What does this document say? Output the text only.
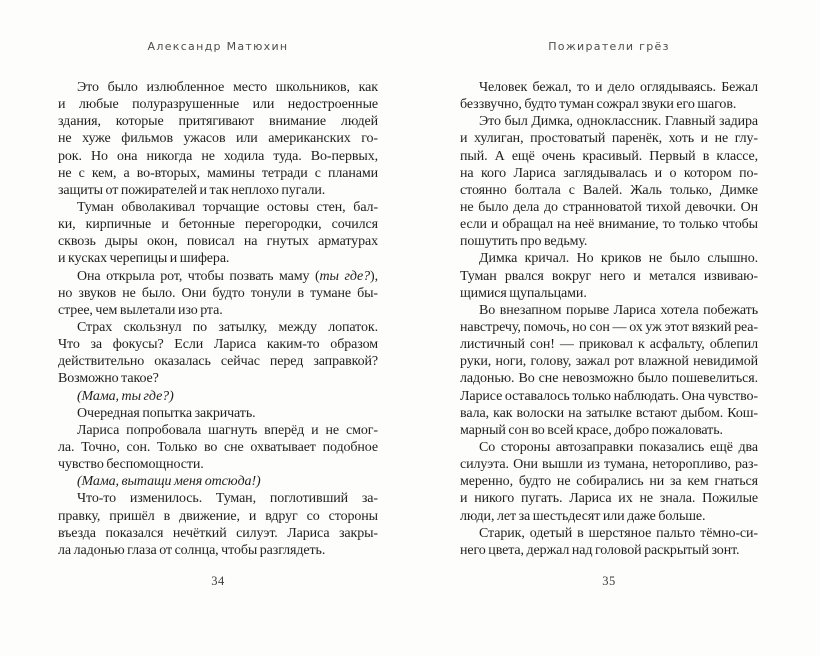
Александр Матюхин
Это было излюбленное место школьников, как
и любые полуразрушенные или недостроенные
здания, которые притягивают внимание людей
не хуже фильмов ужасов или американских го-
рок. Но она никогда не ходила туда. Во-первых,
не с кем, а во-вторых, мамины тетради с планами
защиты от пожирателей и так неплохо пугали.
Туман обволакивал торчащие остовы стен, бал-
ки, кирпичные и бетонные перегородки, сочился
сквозь дыры окон, повисал на гнутых арматурах
и кусках черепицы и шифера.
Она открыла рот, чтобы позвать маму (ты где?),
но звуков не было. Они будто тонули в тумане бы-
стрее, чем вылетали изо рта.
Страх скользнул по затылку, между лопаток.
Что за фокусы? Если Лариса каким-то образом
действительно оказалась сейчас перед заправкой?
Возможно такое?
(Мама, ты где?)
Очередная попытка закричать.
Лариса попробовала шагнуть вперёд и не смог-
ла. Точно, сон. Только во сне охватывает подобное
чувство беспомощности.
(Мама, вытащи меня отсюда!)
Что-то изменилось. Туман, поглотивший за-
правку, пришёл в движение, и вдруг со стороны
въезда показался нечёткий силуэт. Лариса закры-
ла ладонью глаза от солнца, чтобы разглядеть.
34
Пожиратели грёз
Человек бежал, то и дело оглядываясь. Бежал
беззвучно, будто туман сожрал звуки его шагов.
Это был Димка, одноклассник. Главный задира
и хулиган, простоватый паренёк, хоть и не глу-
пый. А ещё очень красивый. Первый в классе,
на кого Лариса заглядывалась и о котором по-
стоянно болтала с Валей. Жаль только, Димке
не было дела до странноватой тихой девочки. Он
если и обращал на неё внимание, то только чтобы
пошутить про ведьму.
Димка кричал. Но криков не было слышно.
Туман рвался вокруг него и метался извиваю-
щимися щупальцами.
Во внезапном порыве Лариса хотела побежать
навстречу, помочь, но сон — ох уж этот вязкий реа-
листичный сон! — приковал к асфальту, облепил
руки, ноги, голову, зажал рот влажной невидимой
ладонью. Во сне невозможно было пошевелиться.
Ларисе оставалось только наблюдать. Она чувство-
вала, как волоски на затылке встают дыбом. Кош-
марный сон во всей красе, добро пожаловать.
Со стороны автозаправки показались ещё два
силуэта. Они вышли из тумана, неторопливо, раз-
меренно, будто не собирались ни за кем гнаться
и никого пугать. Лариса их не знала. Пожилые
люди, лет за шестьдесят или даже больше.
Старик, одетый в шерстяное пальто тёмно-си-
него цвета, держал над головой раскрытый зонт.
35
